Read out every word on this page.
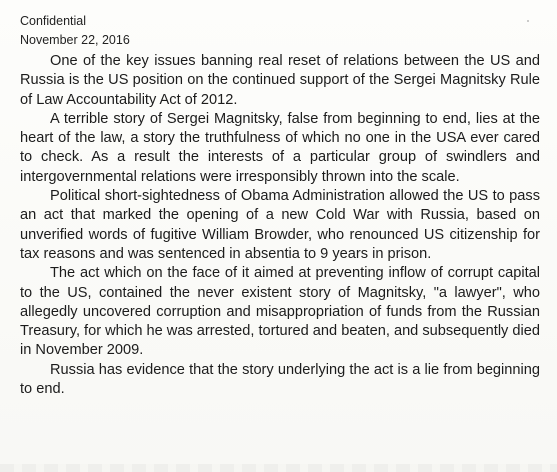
Confidential
November 22, 2016

One of the key issues banning real reset of relations between the US and Russia is the US position on the continued support of the Sergei Magnitsky Rule of Law Accountability Act of 2012.

A terrible story of Sergei Magnitsky, false from beginning to end, lies at the heart of the law, a story the truthfulness of which no one in the USA ever cared to check. As a result the interests of a particular group of swindlers and intergovernmental relations were irresponsibly thrown into the scale.

Political short-sightedness of Obama Administration allowed the US to pass an act that marked the opening of a new Cold War with Russia, based on unverified words of fugitive William Browder, who renounced US citizenship for tax reasons and was sentenced in absentia to 9 years in prison.

The act which on the face of it aimed at preventing inflow of corrupt capital to the US, contained the never existent story of Magnitsky, "a lawyer", who allegedly uncovered corruption and misappropriation of funds from the Russian Treasury, for which he was arrested, tortured and beaten, and subsequently died in November 2009.

Russia has evidence that the story underlying the act is a lie from beginning to end.
